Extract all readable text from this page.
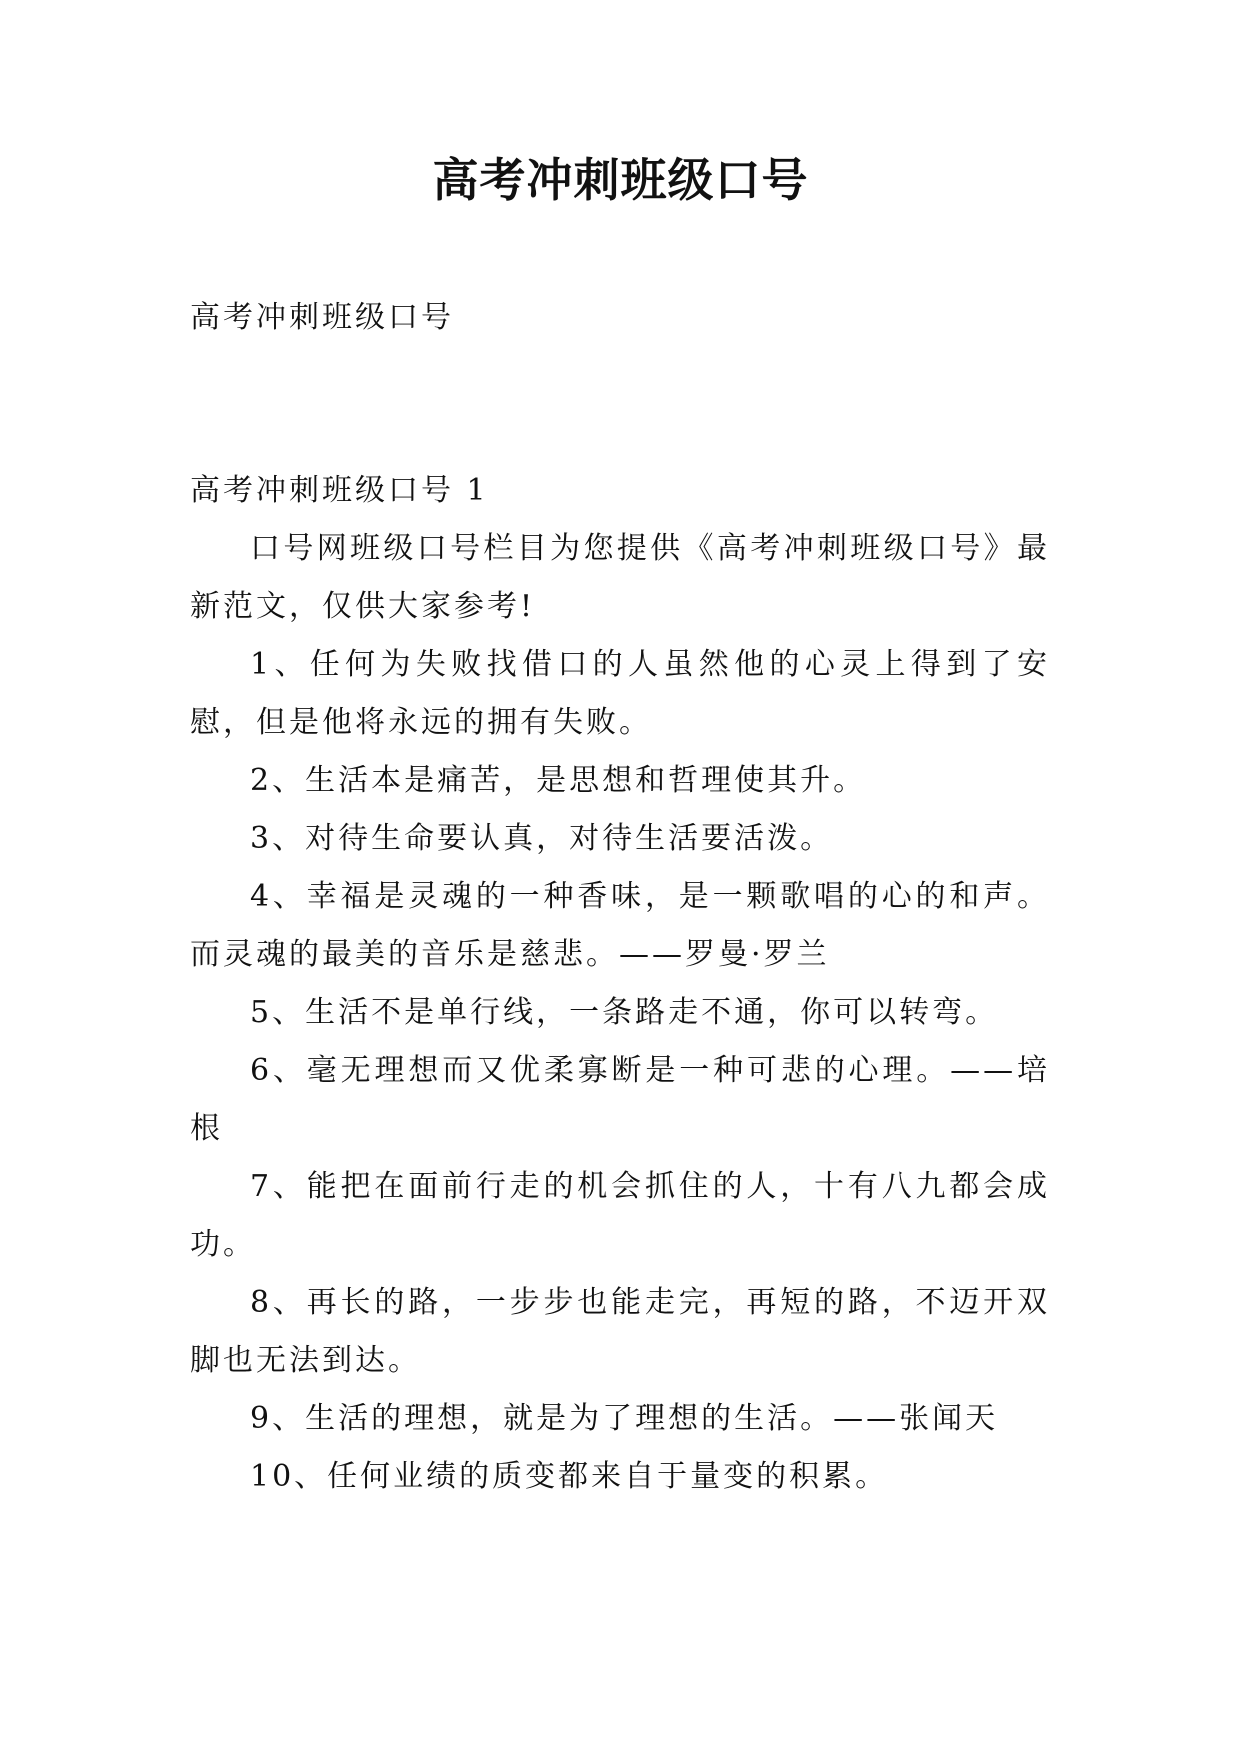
高考冲刺班级口号
高考冲刺班级口号
高考冲刺班级口号 1

口号网班级口号栏目为您提供《高考冲刺班级口号》最新范文，仅供大家参考!

1、任何为失败找借口的人虽然他的心灵上得到了安慰，但是他将永远的拥有失败。

2、生活本是痛苦，是思想和哲理使其升。

3、对待生命要认真，对待生活要活泼。

4、幸福是灵魂的一种香味，是一颗歌唱的心的和声。而灵魂的最美的音乐是慈悲。——罗曼·罗兰

5、生活不是单行线，一条路走不通，你可以转弯。

6、毫无理想而又优柔寡断是一种可悲的心理。——培根

7、能把在面前行走的机会抓住的人，十有八九都会成功。

8、再长的路，一步步也能走完，再短的路，不迈开双脚也无法到达。

9、生活的理想，就是为了理想的生活。——张闻天

10、任何业绩的质变都来自于量变的积累。
